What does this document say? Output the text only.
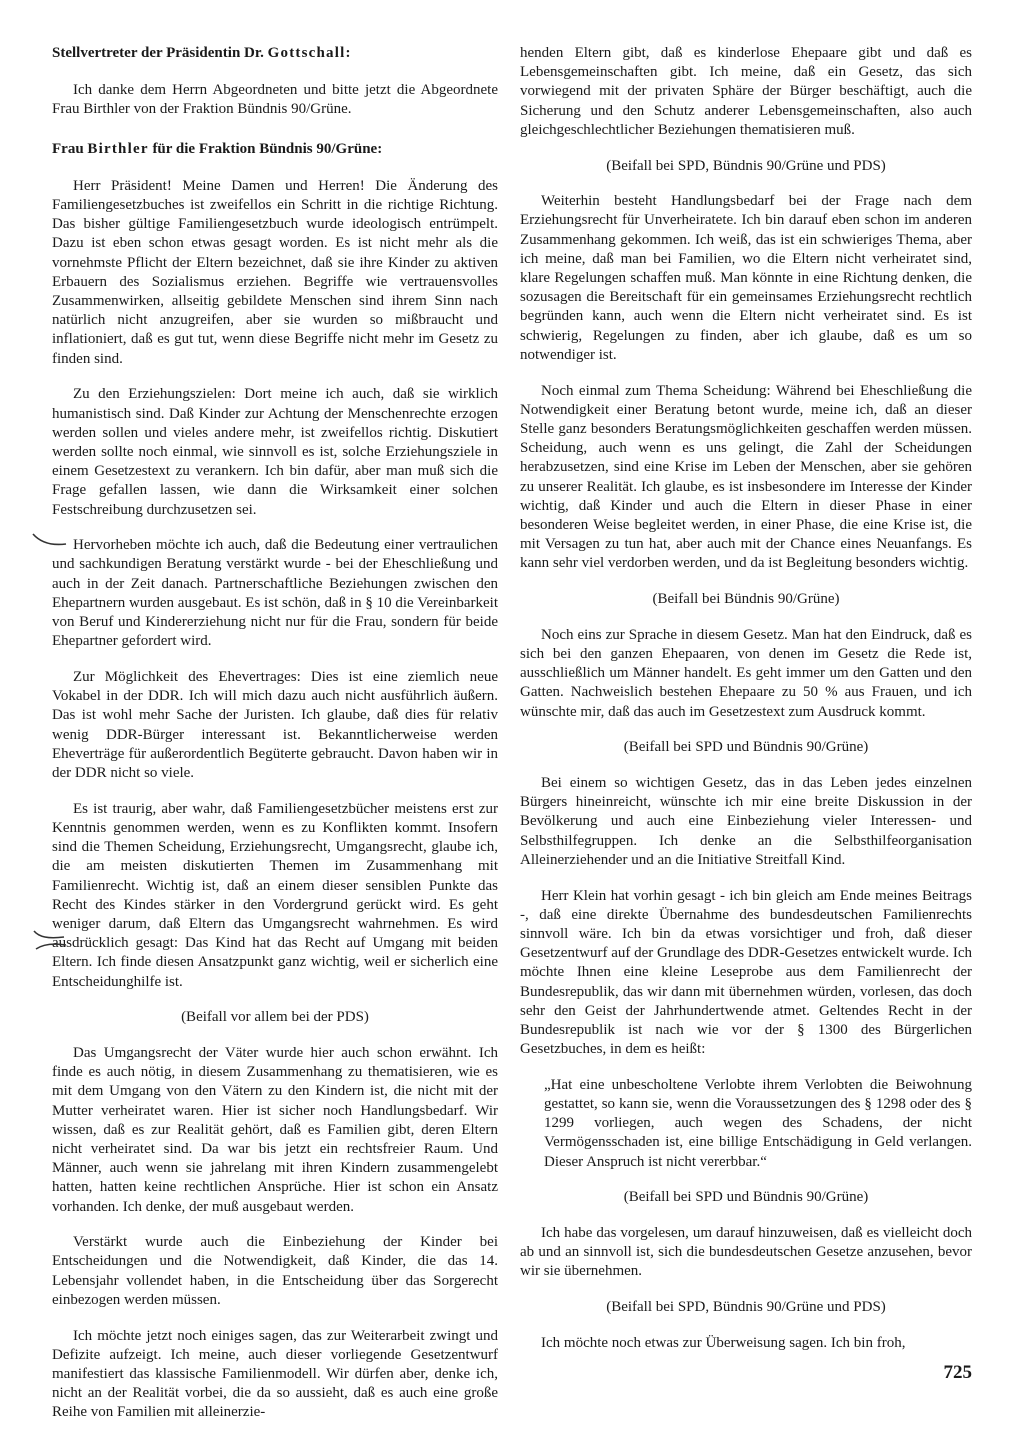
Stellvertreter der Präsidentin Dr. Gottschall:

Ich danke dem Herrn Abgeordneten und bitte jetzt die Abgeordnete Frau Birthler von der Fraktion Bündnis 90/Grüne.

Frau Birthler für die Fraktion Bündnis 90/Grüne:

Herr Präsident! Meine Damen und Herren! Die Änderung des Familiengesetzbuches ist zweifellos ein Schritt in die richtige Richtung. Das bisher gültige Familiengesetzbuch wurde ideologisch entrümpelt. Dazu ist eben schon etwas gesagt worden. Es ist nicht mehr als die vornehmste Pflicht der Eltern bezeichnet, daß sie ihre Kinder zu aktiven Erbauern des Sozialismus erziehen. Begriffe wie vertrauensvolles Zusammenwirken, allseitig gebildete Menschen sind ihrem Sinn nach natürlich nicht anzugreifen, aber sie wurden so mißbraucht und inflationiert, daß es gut tut, wenn diese Begriffe nicht mehr im Gesetz zu finden sind.

Zu den Erziehungszielen: Dort meine ich auch, daß sie wirklich humanistisch sind. Daß Kinder zur Achtung der Menschenrechte erzogen werden sollen und vieles andere mehr, ist zweifellos richtig. Diskutiert werden sollte noch einmal, wie sinnvoll es ist, solche Erziehungsziele in einem Gesetzestext zu verankern. Ich bin dafür, aber man muß sich die Frage gefallen lassen, wie dann die Wirksamkeit einer solchen Festschreibung durchzusetzen sei.

Hervorheben möchte ich auch, daß die Bedeutung einer vertraulichen und sachkundigen Beratung verstärkt wurde - bei der Eheschließung und auch in der Zeit danach. Partnerschaftliche Beziehungen zwischen den Ehepartnern wurden ausgebaut. Es ist schön, daß in § 10 die Vereinbarkeit von Beruf und Kindererziehung nicht nur für die Frau, sondern für beide Ehepartner gefordert wird.

Zur Möglichkeit des Ehevertrages: Dies ist eine ziemlich neue Vokabel in der DDR. Ich will mich dazu auch nicht ausführlich äußern. Das ist wohl mehr Sache der Juristen. Ich glaube, daß dies für relativ wenig DDR-Bürger interessant ist. Bekanntlicherweise werden Eheverträge für außerordentlich Begüterte gebraucht. Davon haben wir in der DDR nicht so viele.

Es ist traurig, aber wahr, daß Familiengesetzbücher meistens erst zur Kenntnis genommen werden, wenn es zu Konflikten kommt. Insofern sind die Themen Scheidung, Erziehungsrecht, Umgangsrecht, glaube ich, die am meisten diskutierten Themen im Zusammenhang mit Familienrecht. Wichtig ist, daß an einem dieser sensiblen Punkte das Recht des Kindes stärker in den Vordergrund gerückt wird. Es geht weniger darum, daß Eltern das Umgangsrecht wahrnehmen. Es wird ausdrücklich gesagt: Das Kind hat das Recht auf Umgang mit beiden Eltern. Ich finde diesen Ansatzpunkt ganz wichtig, weil er sicherlich eine Entscheidunghilfe ist.

(Beifall vor allem bei der PDS)

Das Umgangsrecht der Väter wurde hier auch schon erwähnt. Ich finde es auch nötig, in diesem Zusammenhang zu thematisieren, wie es mit dem Umgang von den Vätern zu den Kindern ist, die nicht mit der Mutter verheiratet waren. Hier ist sicher noch Handlungsbedarf. Wir wissen, daß es zur Realität gehört, daß es Familien gibt, deren Eltern nicht verheiratet sind. Da war bis jetzt ein rechtsfreier Raum. Und Männer, auch wenn sie jahrelang mit ihren Kindern zusammengelebt hatten, hatten keine rechtlichen Ansprüche. Hier ist schon ein Ansatz vorhanden. Ich denke, der muß ausgebaut werden.

Verstärkt wurde auch die Einbeziehung der Kinder bei Entscheidungen und die Notwendigkeit, daß Kinder, die das 14. Lebensjahr vollendet haben, in die Entscheidung über das Sorgerecht einbezogen werden müssen.

Ich möchte jetzt noch einiges sagen, das zur Weiterarbeit zwingt und Defizite aufzeigt. Ich meine, auch dieser vorliegende Gesetzentwurf manifestiert das klassische Familienmodell. Wir dürfen aber, denke ich, nicht an der Realität vorbei, die da so aussieht, daß es auch eine große Reihe von Familien mit alleinerzie-

henden Eltern gibt, daß es kinderlose Ehepaare gibt und daß es Lebensgemeinschaften gibt. Ich meine, daß ein Gesetz, das sich vorwiegend mit der privaten Sphäre der Bürger beschäftigt, auch die Sicherung und den Schutz anderer Lebensgemeinschaften, also auch gleichgeschlechtlicher Beziehungen thematisieren muß.

(Beifall bei SPD, Bündnis 90/Grüne und PDS)

Weiterhin besteht Handlungsbedarf bei der Frage nach dem Erziehungsrecht für Unverheiratete. Ich bin darauf eben schon im anderen Zusammenhang gekommen. Ich weiß, das ist ein schwieriges Thema, aber ich meine, daß man bei Familien, wo die Eltern nicht verheiratet sind, klare Regelungen schaffen muß. Man könnte in eine Richtung denken, die sozusagen die Bereitschaft für ein gemeinsames Erziehungsrecht rechtlich begründen kann, auch wenn die Eltern nicht verheiratet sind. Es ist schwierig, Regelungen zu finden, aber ich glaube, daß es um so notwendiger ist.

Noch einmal zum Thema Scheidung: Während bei Eheschließung die Notwendigkeit einer Beratung betont wurde, meine ich, daß an dieser Stelle ganz besonders Beratungsmöglichkeiten geschaffen werden müssen. Scheidung, auch wenn es uns gelingt, die Zahl der Scheidungen herabzusetzen, sind eine Krise im Leben der Menschen, aber sie gehören zu unserer Realität. Ich glaube, es ist insbesondere im Interesse der Kinder wichtig, daß Kinder und auch die Eltern in dieser Phase in einer besonderen Weise begleitet werden, in einer Phase, die eine Krise ist, die mit Versagen zu tun hat, aber auch mit der Chance eines Neuanfangs. Es kann sehr viel verdorben werden, und da ist Begleitung besonders wichtig.

(Beifall bei Bündnis 90/Grüne)

Noch eins zur Sprache in diesem Gesetz. Man hat den Eindruck, daß es sich bei den ganzen Ehepaaren, von denen im Gesetz die Rede ist, ausschließlich um Männer handelt. Es geht immer um den Gatten und den Gatten. Nachweislich bestehen Ehepaare zu 50 % aus Frauen, und ich wünschte mir, daß das auch im Gesetzestext zum Ausdruck kommt.

(Beifall bei SPD und Bündnis 90/Grüne)

Bei einem so wichtigen Gesetz, das in das Leben jedes einzelnen Bürgers hineinreicht, wünschte ich mir eine breite Diskussion in der Bevölkerung und auch eine Einbeziehung vieler Interessen- und Selbsthilfegruppen. Ich denke an die Selbsthilfeorganisation Alleinerziehender und an die Initiative Streitfall Kind.

Herr Klein hat vorhin gesagt - ich bin gleich am Ende meines Beitrags -, daß eine direkte Übernahme des bundesdeutschen Familienrechts sinnvoll wäre. Ich bin da etwas vorsichtiger und froh, daß dieser Gesetzentwurf auf der Grundlage des DDR-Gesetzes entwickelt wurde. Ich möchte Ihnen eine kleine Leseprobe aus dem Familienrecht der Bundesrepublik, das wir dann mit übernehmen würden, vorlesen, das doch sehr den Geist der Jahrhundertwende atmet. Geltendes Recht in der Bundesrepublik ist nach wie vor der § 1300 des Bürgerlichen Gesetzbuches, in dem es heißt:

„Hat eine unbescholtene Verlobte ihrem Verlobten die Beiwohnung gestattet, so kann sie, wenn die Voraussetzungen des § 1298 oder des § 1299 vorliegen, auch wegen des Schadens, der nicht Vermögensschaden ist, eine billige Entschädigung in Geld verlangen. Dieser Anspruch ist nicht vererbbar.“

(Beifall bei SPD und Bündnis 90/Grüne)

Ich habe das vorgelesen, um darauf hinzuweisen, daß es vielleicht doch ab und an sinnvoll ist, sich die bundesdeutschen Gesetze anzusehen, bevor wir sie übernehmen.

(Beifall bei SPD, Bündnis 90/Grüne und PDS)

Ich möchte noch etwas zur Überweisung sagen. Ich bin froh,

725
